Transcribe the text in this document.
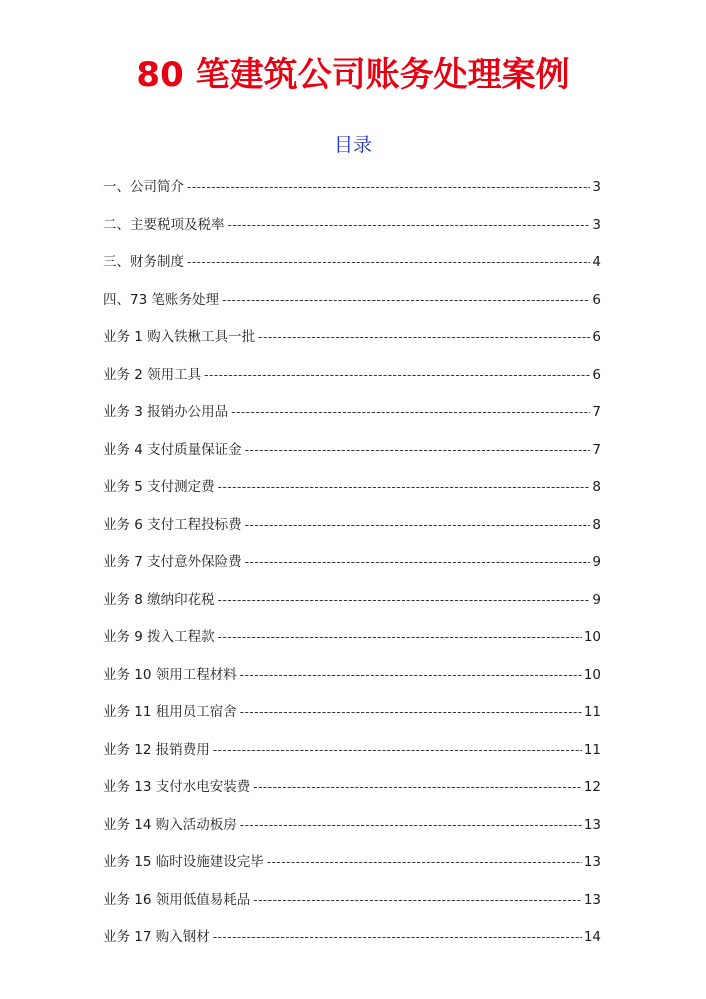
80 笔建筑公司账务处理案例
目录
一、公司简介 -----	3
二、主要税项及税率 -----	3
三、财务制度 -----	4
四、73 笔账务处理 -----	6
业务 1 购入铁楸工具一批 -----	6
业务 2 领用工具 -----	6
业务 3 报销办公用品 -----	7
业务 4 支付质量保证金 -----	7
业务 5 支付测定费 -----	8
业务 6 支付工程投标费 -----	8
业务 7 支付意外保险费 -----	9
业务 8 缴纳印花税 -----	9
业务 9 拨入工程款 -----	10
业务 10 领用工程材料 -----	10
业务 11 租用员工宿舍 -----	11
业务 12 报销费用 -----	11
业务 13 支付水电安装费 -----	12
业务 14 购入活动板房 -----	13
业务 15 临时设施建设完毕 -----	13
业务 16 领用低值易耗品 -----	13
业务 17 购入钢材 -----	14
